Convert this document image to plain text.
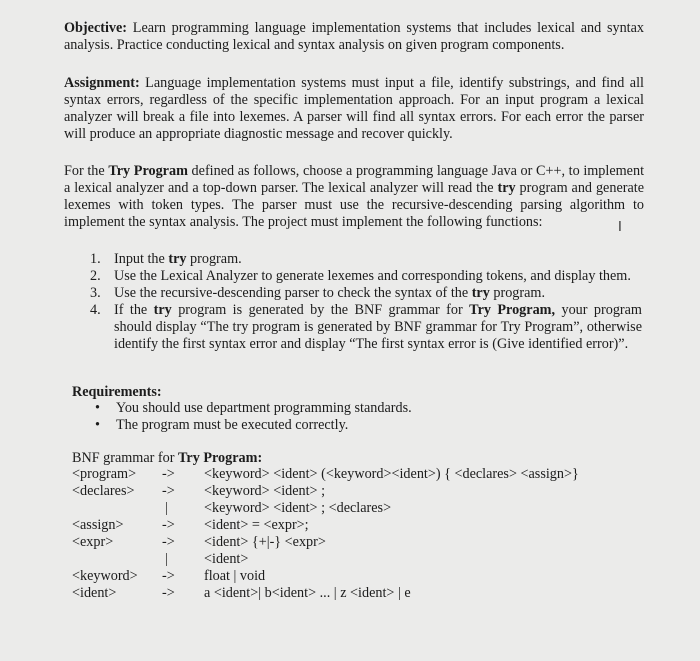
Objective: Learn programming language implementation systems that includes lexical and syntax analysis. Practice conducting lexical and syntax analysis on given program components.
Assignment: Language implementation systems must input a file, identify substrings, and find all syntax errors, regardless of the specific implementation approach. For an input program a lexical analyzer will break a file into lexemes. A parser will find all syntax errors. For each error the parser will produce an appropriate diagnostic message and recover quickly.
For the Try Program defined as follows, choose a programming language Java or C++, to implement a lexical analyzer and a top-down parser. The lexical analyzer will read the try program and generate lexemes with token types. The parser must use the recursive-descending parsing algorithm to implement the syntax analysis. The project must implement the following functions:	I
1. Input the try program.
2. Use the Lexical Analyzer to generate lexemes and corresponding tokens, and display them.
3. Use the recursive-descending parser to check the syntax of the try program.
4. If the try program is generated by the BNF grammar for Try Program, your program should display “The try program is generated by BNF grammar for Try Program”, otherwise identify the first syntax error and display “The first syntax error is (Give identified error)”.
Requirements:
• You should use department programming standards.
• The program must be executed correctly.
BNF grammar for Try Program:
<program> -> <keyword> <ident> (<keyword><ident>) { <declares> <assign>}
<declares> -> <keyword> <ident> ;
|	<keyword> <ident> ; <declares>
<assign>	-> <ident> = <expr>;
<expr>	-> <ident> {+|-} <expr>
|	<ident>
<keyword> -> float | void
<ident>	-> a <ident>| b<ident> ... | z <ident> | e
